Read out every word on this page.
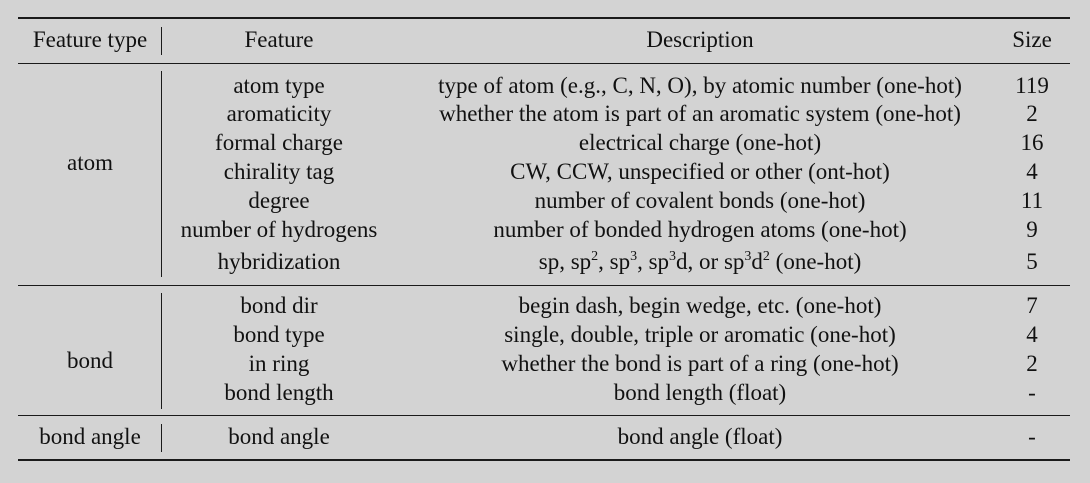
Feature type	Feature	Description	Size
atom
atom type	type of atom (e.g., C, N, O), by atomic number (one-hot) 119
aromaticity	whether the atom is part of an aromatic system (one-hot)	2
formal charge	electrical charge (one-hot)	16
chirality tag	CW, CCW, unspecified or other (ont-hot)	4
degree	number of covalent bonds (one-hot)	11
number of hydrogens	number of bonded hydrogen atoms (one-hot)	9
hybridization	sp, $sp^2$, $sp^3$, $sp^3d$, or $sp^3d^2$ (one-hot)	5
bond
bond dir	begin dash, begin wedge, etc. (one-hot)	7
bond type	single, double, triple or aromatic (one-hot)	4
in ring	whether the bond is part of a ring (one-hot)	2
bond length	bond length (float)	-
bond angle	bond angle	bond angle (float)	-
